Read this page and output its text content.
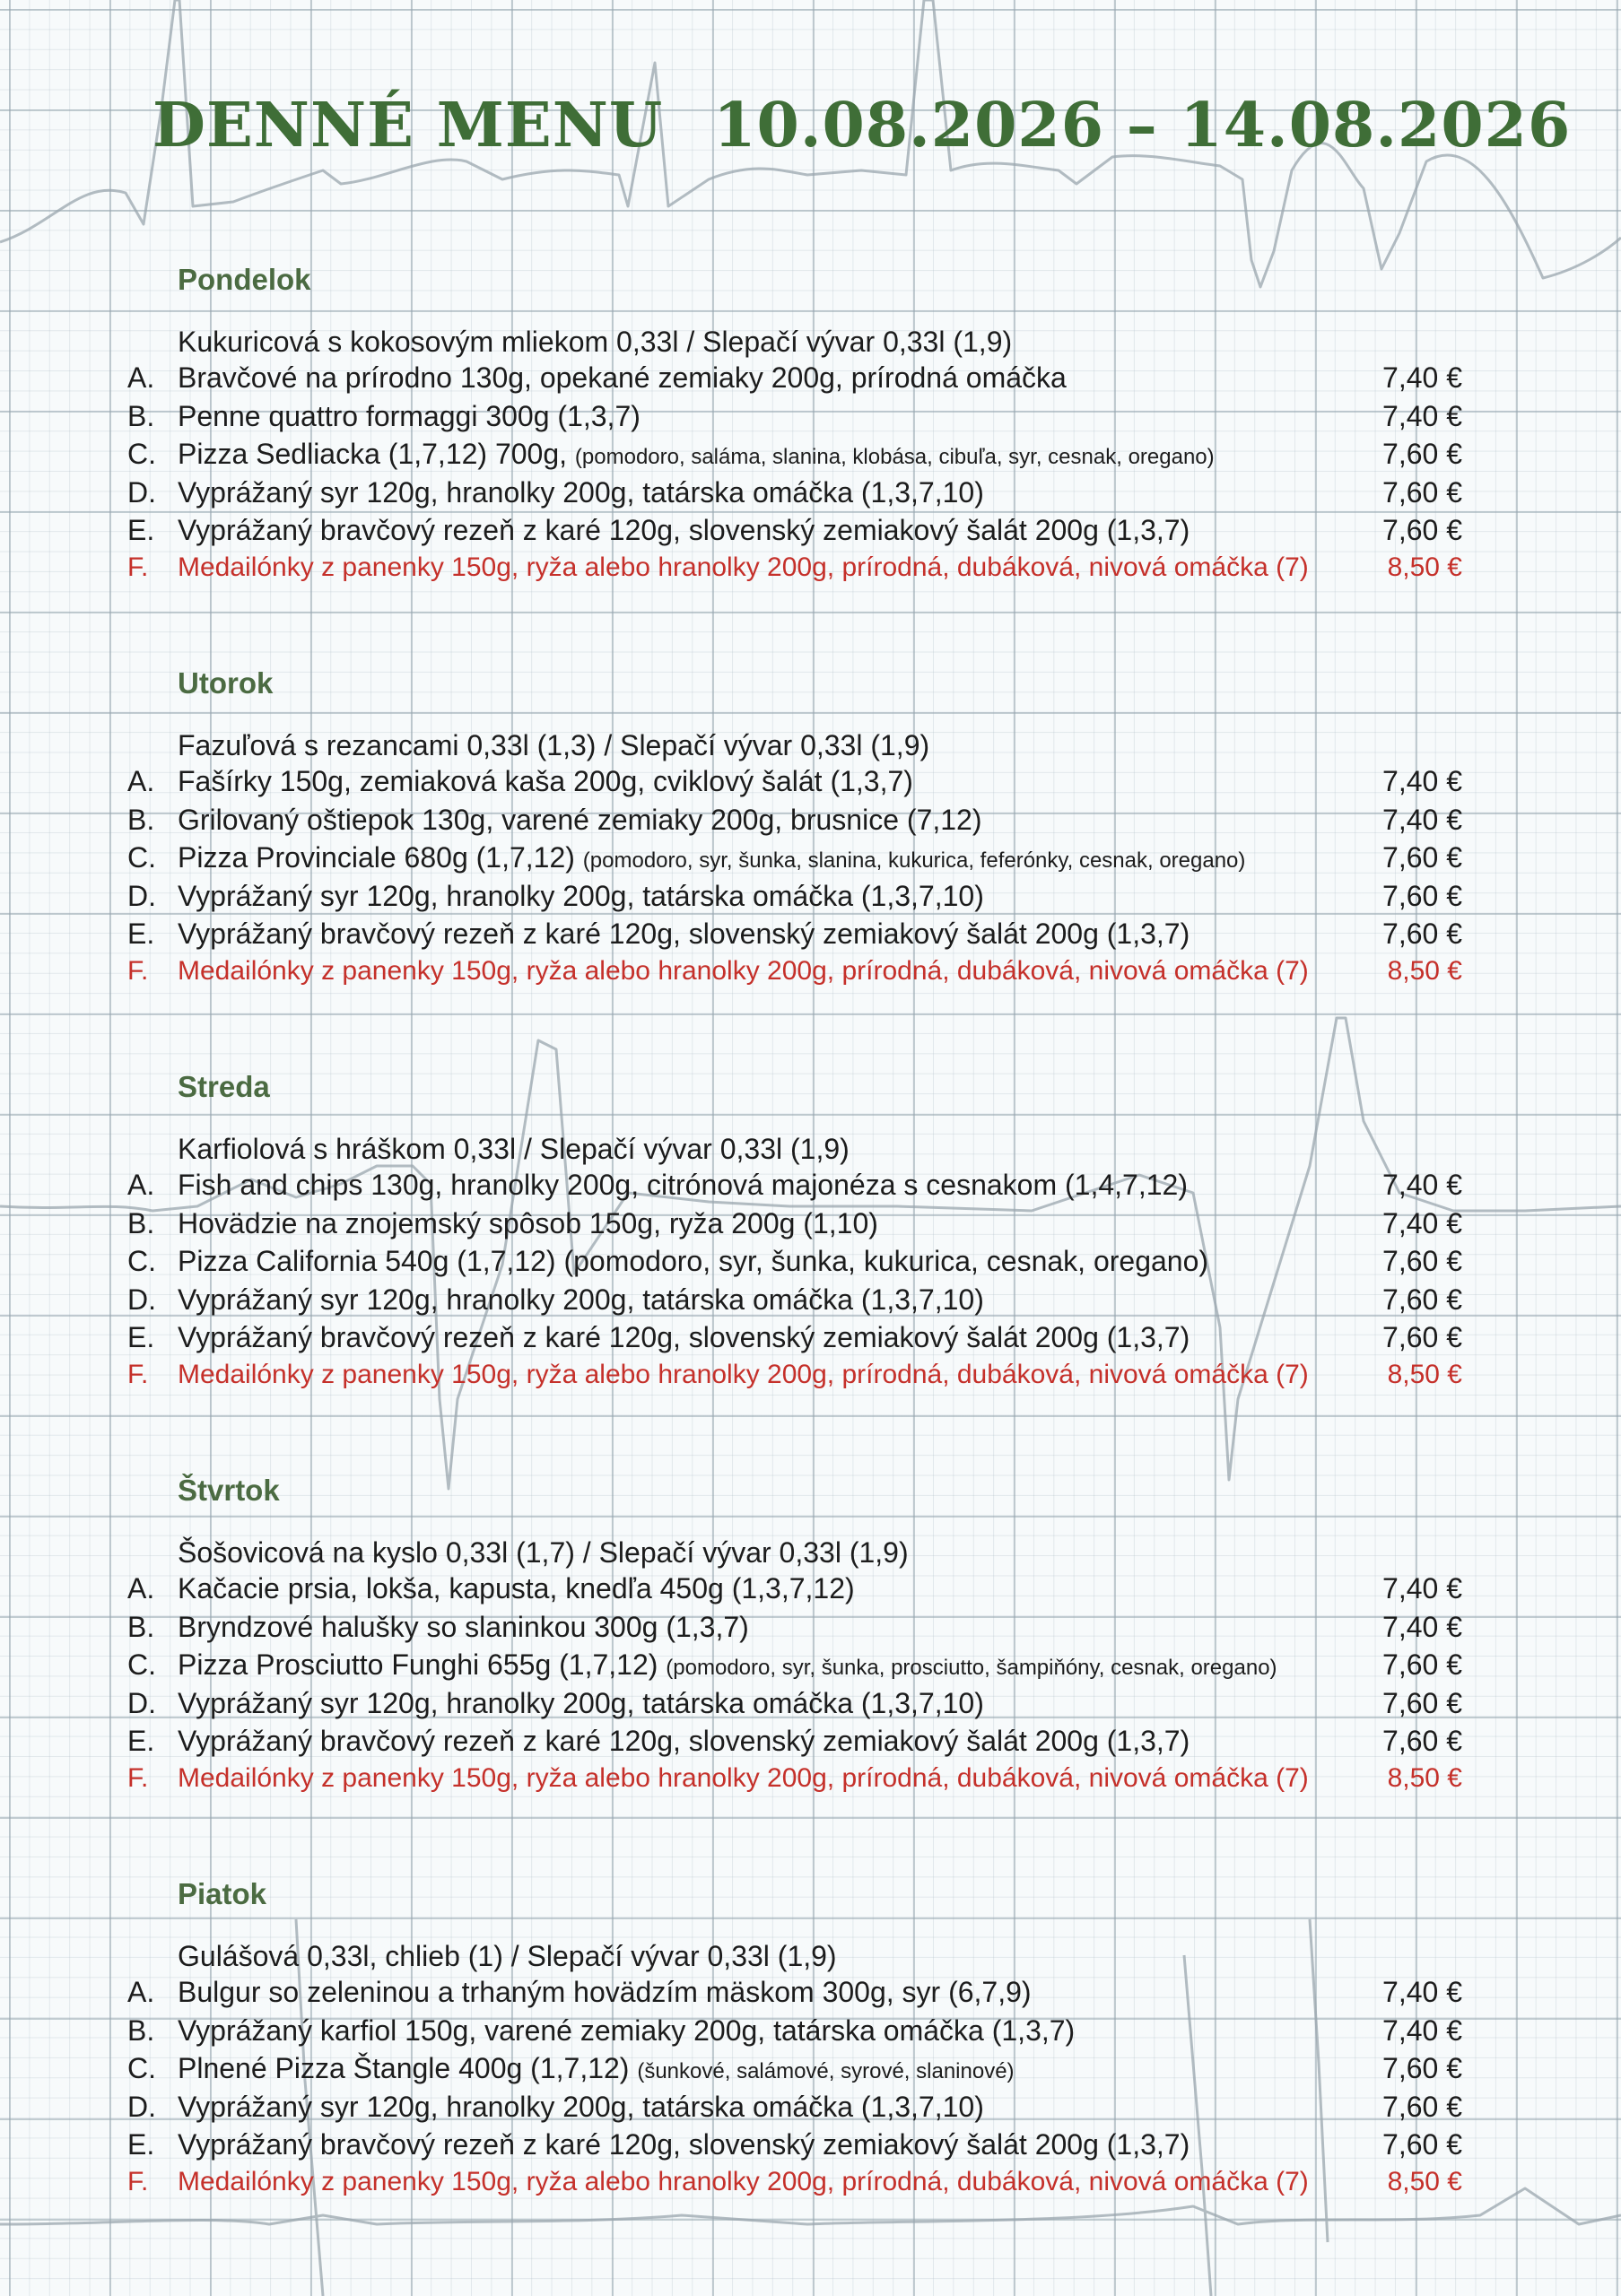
DENNÉ MENU 10.08.2026 – 14.08.2026
Pondelok
Kukuricová s kokosovým mliekom 0,33l / Slepačí vývar 0,33l (1,9)
A. Bravčové na prírodno 130g, opekané zemiaky 200g, prírodná omáčka	7,40 €
B. Penne quattro formaggi 300g (1,3,7)	7,40 €
C. Pizza Sedliacka (1,7,12) 700g, (pomodoro, saláma, slanina, klobása, cibuľa, syr, cesnak, oregano)	7,60 €
D. Vyprážaný syr 120g, hranolky 200g, tatárska omáčka (1,3,7,10)	7,60 €
E. Vyprážaný bravčový rezeň z karé 120g, slovenský zemiakový šalát 200g (1,3,7)	7,60 €
F. Medailónky z panenky 150g, ryža alebo hranolky 200g, prírodná, dubáková, nivová omáčka (7)	8,50 €
Utorok
Fazuľová s rezancami 0,33l (1,3) / Slepačí vývar 0,33l (1,9)
A. Fašírky 150g, zemiaková kaša 200g, cviklový šalát (1,3,7)	7,40 €
B. Grilovaný oštiepok 130g, varené zemiaky 200g, brusnice (7,12)	7,40 €
C. Pizza Provinciale 680g (1,7,12) (pomodoro, syr, šunka, slanina, kukurica, feferónky, cesnak, oregano)	7,60 €
D. Vyprážaný syr 120g, hranolky 200g, tatárska omáčka (1,3,7,10)	7,60 €
E. Vyprážaný bravčový rezeň z karé 120g, slovenský zemiakový šalát 200g (1,3,7)	7,60 €
F. Medailónky z panenky 150g, ryža alebo hranolky 200g, prírodná, dubáková, nivová omáčka (7)	8,50 €
Streda
Karfiolová s hráškom 0,33l / Slepačí vývar 0,33l (1,9)
A. Fish and chips 130g, hranolky 200g, citrónová majonéza s cesnakom (1,4,7,12)	7,40 €
B. Hovädzie na znojemský spôsob 150g, ryža 200g (1,10)	7,40 €
C. Pizza California 540g (1,7,12) (pomodoro, syr, šunka, kukurica, cesnak, oregano)	7,60 €
D. Vyprážaný syr 120g, hranolky 200g, tatárska omáčka (1,3,7,10)	7,60 €
E. Vyprážaný bravčový rezeň z karé 120g, slovenský zemiakový šalát 200g (1,3,7)	7,60 €
F. Medailónky z panenky 150g, ryža alebo hranolky 200g, prírodná, dubáková, nivová omáčka (7)	8,50 €
Štvrtok
Šošovicová na kyslo 0,33l (1,7) / Slepačí vývar 0,33l (1,9)
A. Kačacie prsia, lokša, kapusta, knedľa 450g (1,3,7,12)	7,40 €
B. Bryndzové halušky so slaninkou 300g (1,3,7)	7,40 €
C. Pizza Prosciutto Funghi 655g (1,7,12) (pomodoro, syr, šunka, prosciutto, šampiňóny, cesnak, oregano)	7,60 €
D. Vyprážaný syr 120g, hranolky 200g, tatárska omáčka (1,3,7,10)	7,60 €
E. Vyprážaný bravčový rezeň z karé 120g, slovenský zemiakový šalát 200g (1,3,7)	7,60 €
F. Medailónky z panenky 150g, ryža alebo hranolky 200g, prírodná, dubáková, nivová omáčka (7)	8,50 €
Piatok
Gulášová 0,33l, chlieb (1) / Slepačí vývar 0,33l (1,9)
A. Bulgur so zeleninou a trhaným hovädzím mäskom 300g, syr (6,7,9)	7,40 €
B. Vyprážaný karfiol 150g, varené zemiaky 200g, tatárska omáčka (1,3,7)	7,40 €
C. Plnené Pizza Štangle 400g (1,7,12) (šunkové, salámové, syrové, slaninové)	7,60 €
D. Vyprážaný syr 120g, hranolky 200g, tatárska omáčka (1,3,7,10)	7,60 €
E. Vyprážaný bravčový rezeň z karé 120g, slovenský zemiakový šalát 200g (1,3,7)	7,60 €
F. Medailónky z panenky 150g, ryža alebo hranolky 200g, prírodná, dubáková, nivová omáčka (7)	8,50 €
